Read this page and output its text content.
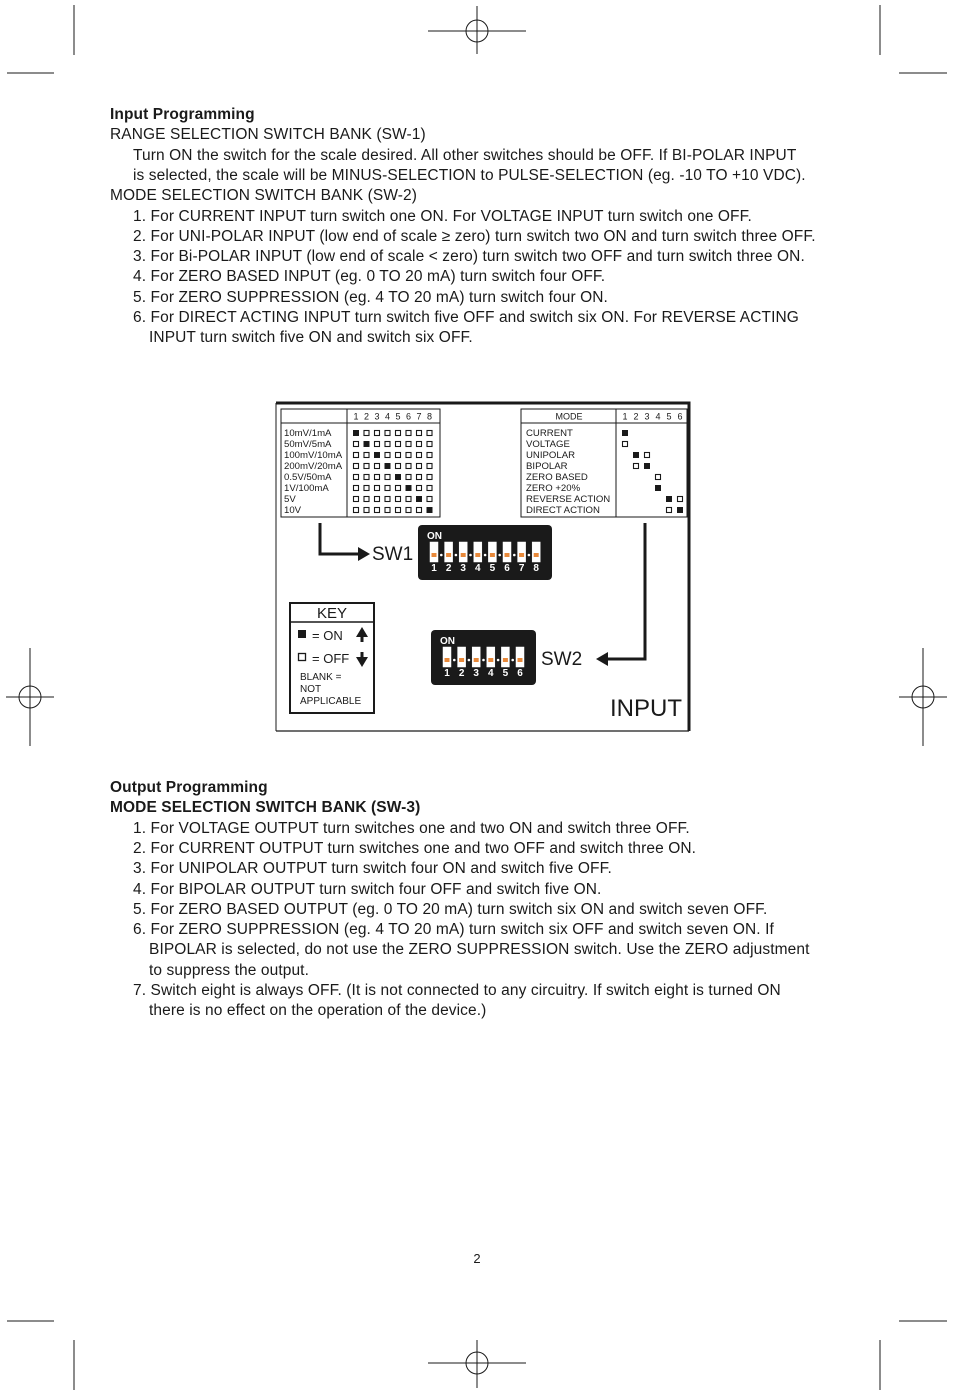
Input Programming
RANGE SELECTION SWITCH BANK (SW-1)
Turn ON the switch for the scale desired. All other switches should be OFF. If BI-POLAR INPUT
is selected, the scale will be MINUS-SELECTION to PULSE-SELECTION (eg. -10 TO +10 VDC).
MODE SELECTION SWITCH BANK (SW-2)
1. For CURRENT INPUT turn switch one ON. For VOLTAGE INPUT turn switch one OFF.
2. For UNI-POLAR INPUT (low end of scale ≥ zero) turn switch two ON and turn switch three OFF.
3. For Bi-POLAR INPUT (low end of scale < zero) turn switch two OFF and turn switch three ON.
4. For ZERO BASED INPUT (eg. 0 TO 20 mA) turn switch four OFF.
5. For ZERO SUPPRESSION (eg. 4 TO 20 mA) turn switch four ON.
6. For DIRECT ACTING INPUT turn switch five OFF and switch six ON. For REVERSE ACTING
INPUT turn switch five ON and switch six OFF.
1 2 3 4 5 6 7 8
10mV/1mA
50mV/5mA
100mV/10mA
200mV/20mA
0.5V/50mA
1V/100mA
5V
10V
MODE	1 2 3 4 5 6
CURRENT
VOLTAGE
UNIPOLAR
BIPOLAR
ZERO BASED
ZERO +20%
REVERSE ACTION
DIRECT ACTION
SW1
ON
1 2 3 4 5 6 7 8
SW2
ON
1 2 3 4 5 6
KEY
= ON
= OFF
BLANK =
NOT
APPLICABLE	INPUT
Output Programming
MODE SELECTION SWITCH BANK (SW-3)
1. For VOLTAGE OUTPUT turn switches one and two ON and switch three OFF.
2. For CURRENT OUTPUT turn switches one and two OFF and switch three ON.
3. For UNIPOLAR OUTPUT turn switch four ON and switch five OFF.
4. For BIPOLAR OUTPUT turn switch four OFF and switch five ON.
5. For ZERO BASED OUTPUT (eg. 0 TO 20 mA) turn switch six ON and switch seven OFF.
6. For ZERO SUPPRESSION (eg. 4 TO 20 mA) turn switch six OFF and switch seven ON. If
BIPOLAR is selected, do not use the ZERO SUPPRESSION switch. Use the ZERO adjustment
to suppress the output.
7. Switch eight is always OFF. (It is not connected to any circuitry. If switch eight is turned ON
there is no effect on the operation of the device.)
2
